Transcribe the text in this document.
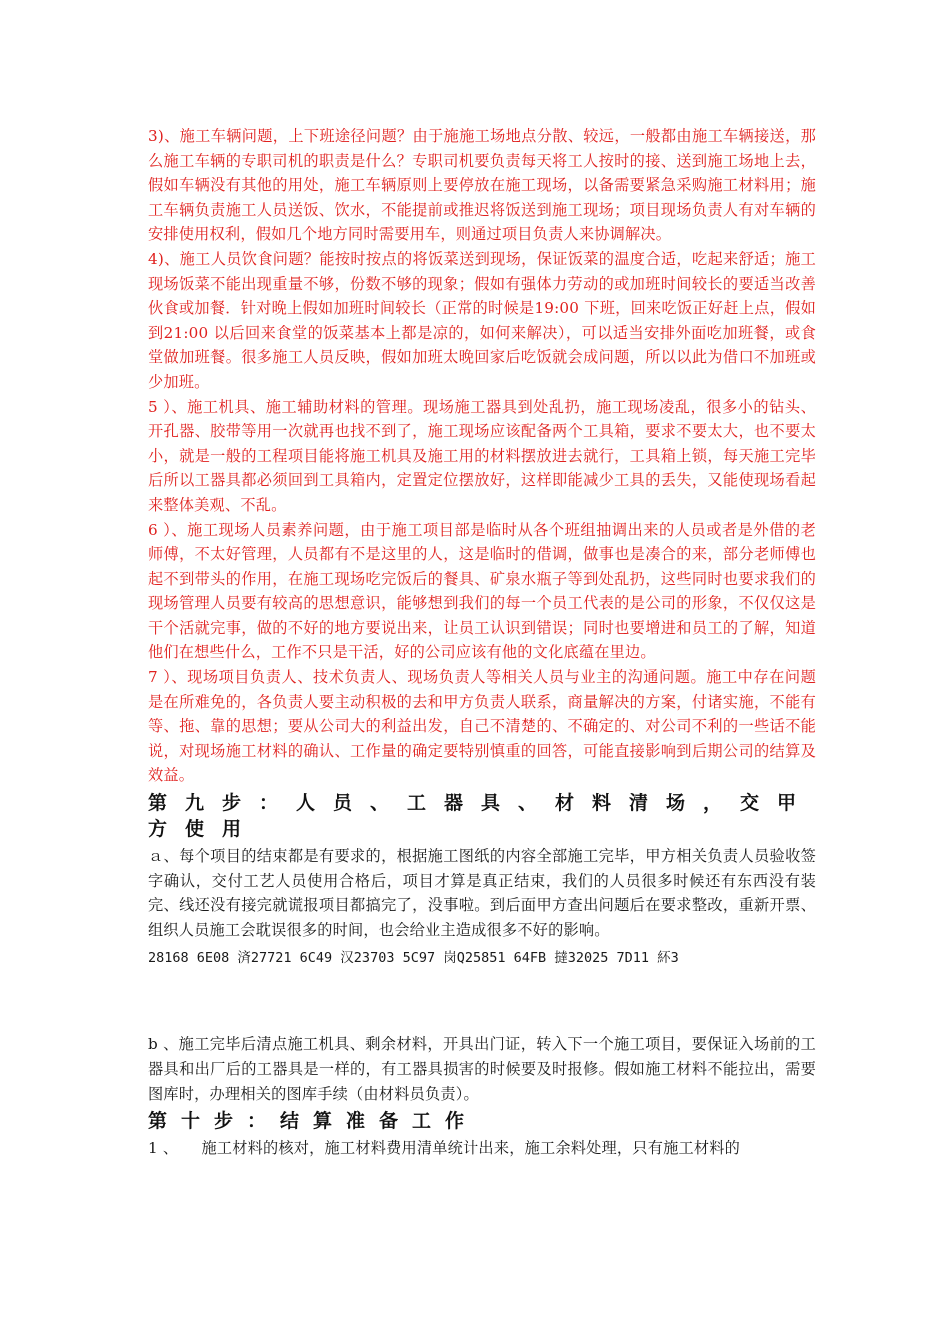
3)、施工车辆问题，上下班途径问题？由于施施工场地点分散、较远，一般都由施工车辆接送，那么施工车辆的专职司机的职责是什么？专职司机要负责每天将工人按时的接、送到施工场地上去，假如车辆没有其他的用处，施工车辆原则上要停放在施工现场，以备需要紧急采购施工材料用；施工车辆负责施工人员送饭、饮水，不能提前或推迟将饭送到施工现场；项目现场负责人有对车辆的安排使用权利，假如几个地方同时需要用车，则通过项目负责人来协调解决。

4)、施工人员饮食问题？能按时按点的将饭菜送到现场，保证饭菜的温度合适，吃起来舒适；施工现场饭菜不能出现重量不够，份数不够的现象；假如有强体力劳动的或加班时间较长的要适当改善伙食或加餐．针对晚上假如加班时间较长（正常的时候是19:00 下班，回来吃饭正好赶上点，假如到21:00 以后回来食堂的饭菜基本上都是凉的，如何来解决），可以适当安排外面吃加班餐，或食堂做加班餐。很多施工人员反映，假如加班太晚回家后吃饭就会成问题，所以以此为借口不加班或少加班。

5 ）、施工机具、施工辅助材料的管理。现场施工器具到处乱扔，施工现场凌乱，很多小的钻头、开孔器、胶带等用一次就再也找不到了，施工现场应该配备两个工具箱，要求不要太大，也不要太小，就是一般的工程项目能将施工机具及施工用的材料摆放进去就行，工具箱上锁，每天施工完毕后所以工器具都必须回到工具箱内，定置定位摆放好，这样即能减少工具的丢失，又能使现场看起来整体美观、不乱。

6 ）、施工现场人员素养问题，由于施工项目部是临时从各个班组抽调出来的人员或者是外借的老师傅，不太好管理，人员都有不是这里的人，这是临时的借调，做事也是凑合的来，部分老师傅也起不到带头的作用，在施工现场吃完饭后的餐具、矿泉水瓶子等到处乱扔，这些同时也要求我们的现场管理人员要有较高的思想意识，能够想到我们的每一个员工代表的是公司的形象，不仅仅这是干个活就完事，做的不好的地方要说出来，让员工认识到错误；同时也要增进和员工的了解，知道他们在想些什么，工作不只是干活，好的公司应该有他的文化底蕴在里边。

7 ）、现场项目负责人、技术负责人、现场负责人等相关人员与业主的沟通问题。施工中存在问题是在所难免的，各负责人要主动积极的去和甲方负责人联系，商量解决的方案，付诸实施，不能有等、拖、靠的思想；要从公司大的利益出发，自己不清楚的、不确定的、对公司不利的一些话不能说，对现场施工材料的确认、工作量的确定要特别慎重的回答，可能直接影响到后期公司的结算及效益。

第九步：人员、工器具、材料清场，交甲方使用

ａ、每个项目的结束都是有要求的，根据施工图纸的内容全部施工完毕，甲方相关负责人员验收签字确认，交付工艺人员使用合格后，项目才算是真正结束，我们的人员很多时候还有东西没有装完、线还没有接完就谎报项目都搞完了，没事啦。到后面甲方查出问题后在要求整改，重新开票、组织人员施工会耽误很多的时间，也会给业主造成很多不好的影响。

28168 6E08 済27721 6C49 汉23703 5C97 岗Q25851 64FB 撻32025 7D11 紑3

b 、施工完毕后清点施工机具、剩余材料，开具出门证，转入下一个施工项目，要保证入场前的工器具和出厂后的工器具是一样的，有工器具损害的时候要及时报修。假如施工材料不能拉出，需要图库时，办理相关的图库手续（由材料员负责）。

第十步：结算准备工作

1 、　　施工材料的核对，施工材料费用清单统计出来，施工余料处理，只有施工材料的
